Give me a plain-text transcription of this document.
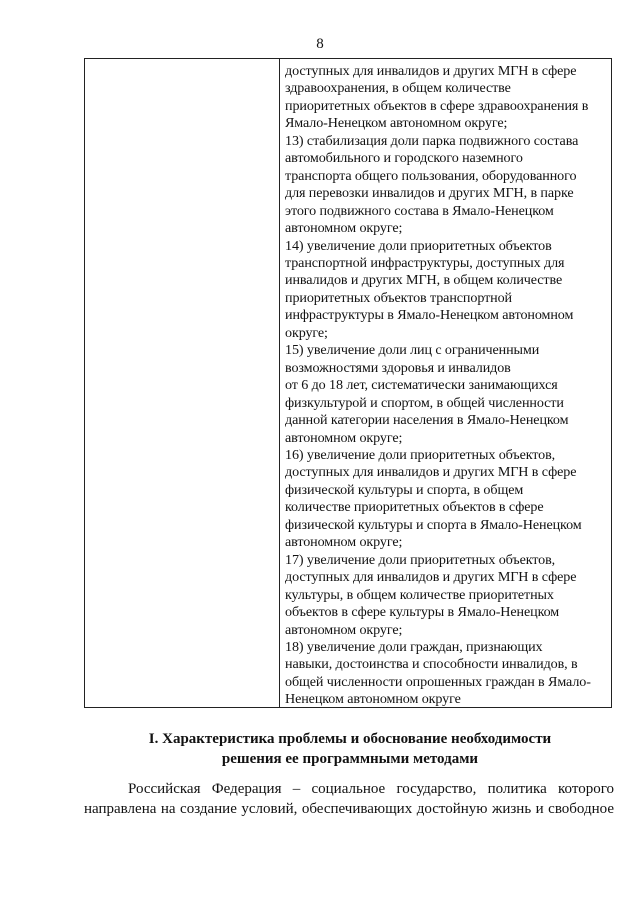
8
доступных для инвалидов и других МГН в сфере
здравоохранения, в общем количестве
приоритетных объектов в сфере здравоохранения в
Ямало-Ненецком автономном округе;
13) стабилизация доли парка подвижного состава
автомобильного и городского наземного
транспорта общего пользования, оборудованного
для перевозки инвалидов и других МГН, в парке
этого подвижного состава в Ямало-Ненецком
автономном округе;
14) увеличение доли приоритетных объектов
транспортной инфраструктуры, доступных для
инвалидов и других МГН, в общем количестве
приоритетных объектов транспортной
инфраструктуры в Ямало-Ненецком автономном
округе;
15) увеличение доли лиц с ограниченными
возможностями здоровья и инвалидов
от 6 до 18 лет, систематически занимающихся
физкультурой и спортом, в общей численности
данной категории населения в Ямало-Ненецком
автономном округе;
16) увеличение доли приоритетных объектов,
доступных для инвалидов и других МГН в сфере
физической культуры и спорта, в общем
количестве приоритетных объектов в сфере
физической культуры и спорта в Ямало-Ненецком
автономном округе;
17) увеличение доли приоритетных объектов,
доступных для инвалидов и других МГН в сфере
культуры, в общем количестве приоритетных
объектов в сфере культуры в Ямало-Ненецком
автономном округе;
18) увеличение доли граждан, признающих
навыки, достоинства и способности инвалидов, в
общей численности опрошенных граждан в Ямало-
Ненецком автономном округе
I. Характеристика проблемы и обоснование необходимости
решения ее программными методами
Российская Федерация – социальное государство, политика которого
направлена на создание условий, обеспечивающих достойную жизнь и свободное
